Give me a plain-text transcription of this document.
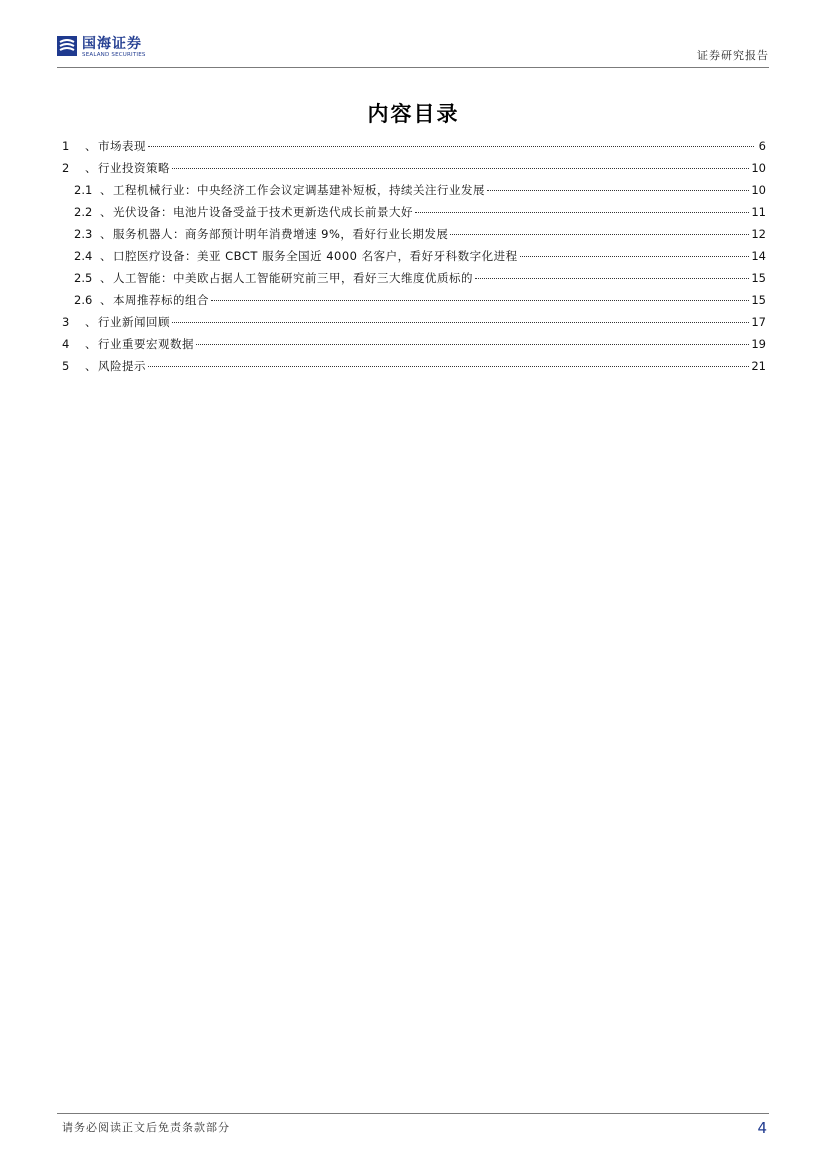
国海证券
SEALAND SECURITIES	证券研究报告
内容目录
1	、 市场表现	6
2	、 行业投资策略	10
2.1 、 工程机械行业：中央经济工作会议定调基建补短板，持续关注行业发展	10
2.2 、 光伏设备：电池片设备受益于技术更新迭代成长前景大好	11
2.3 、 服务机器人：商务部预计明年消费增速 9%，看好行业长期发展	12
2.4 、 口腔医疗设备：美亚 CBCT 服务全国近 4000 名客户，看好牙科数字化进程	14
2.5 、 人工智能：中美欧占据人工智能研究前三甲，看好三大维度优质标的	15
2.6 、 本周推荐标的组合	15
3	、 行业新闻回顾	17
4	、 行业重要宏观数据	19
5	、 风险提示	21
请务必阅读正文后免责条款部分	4
